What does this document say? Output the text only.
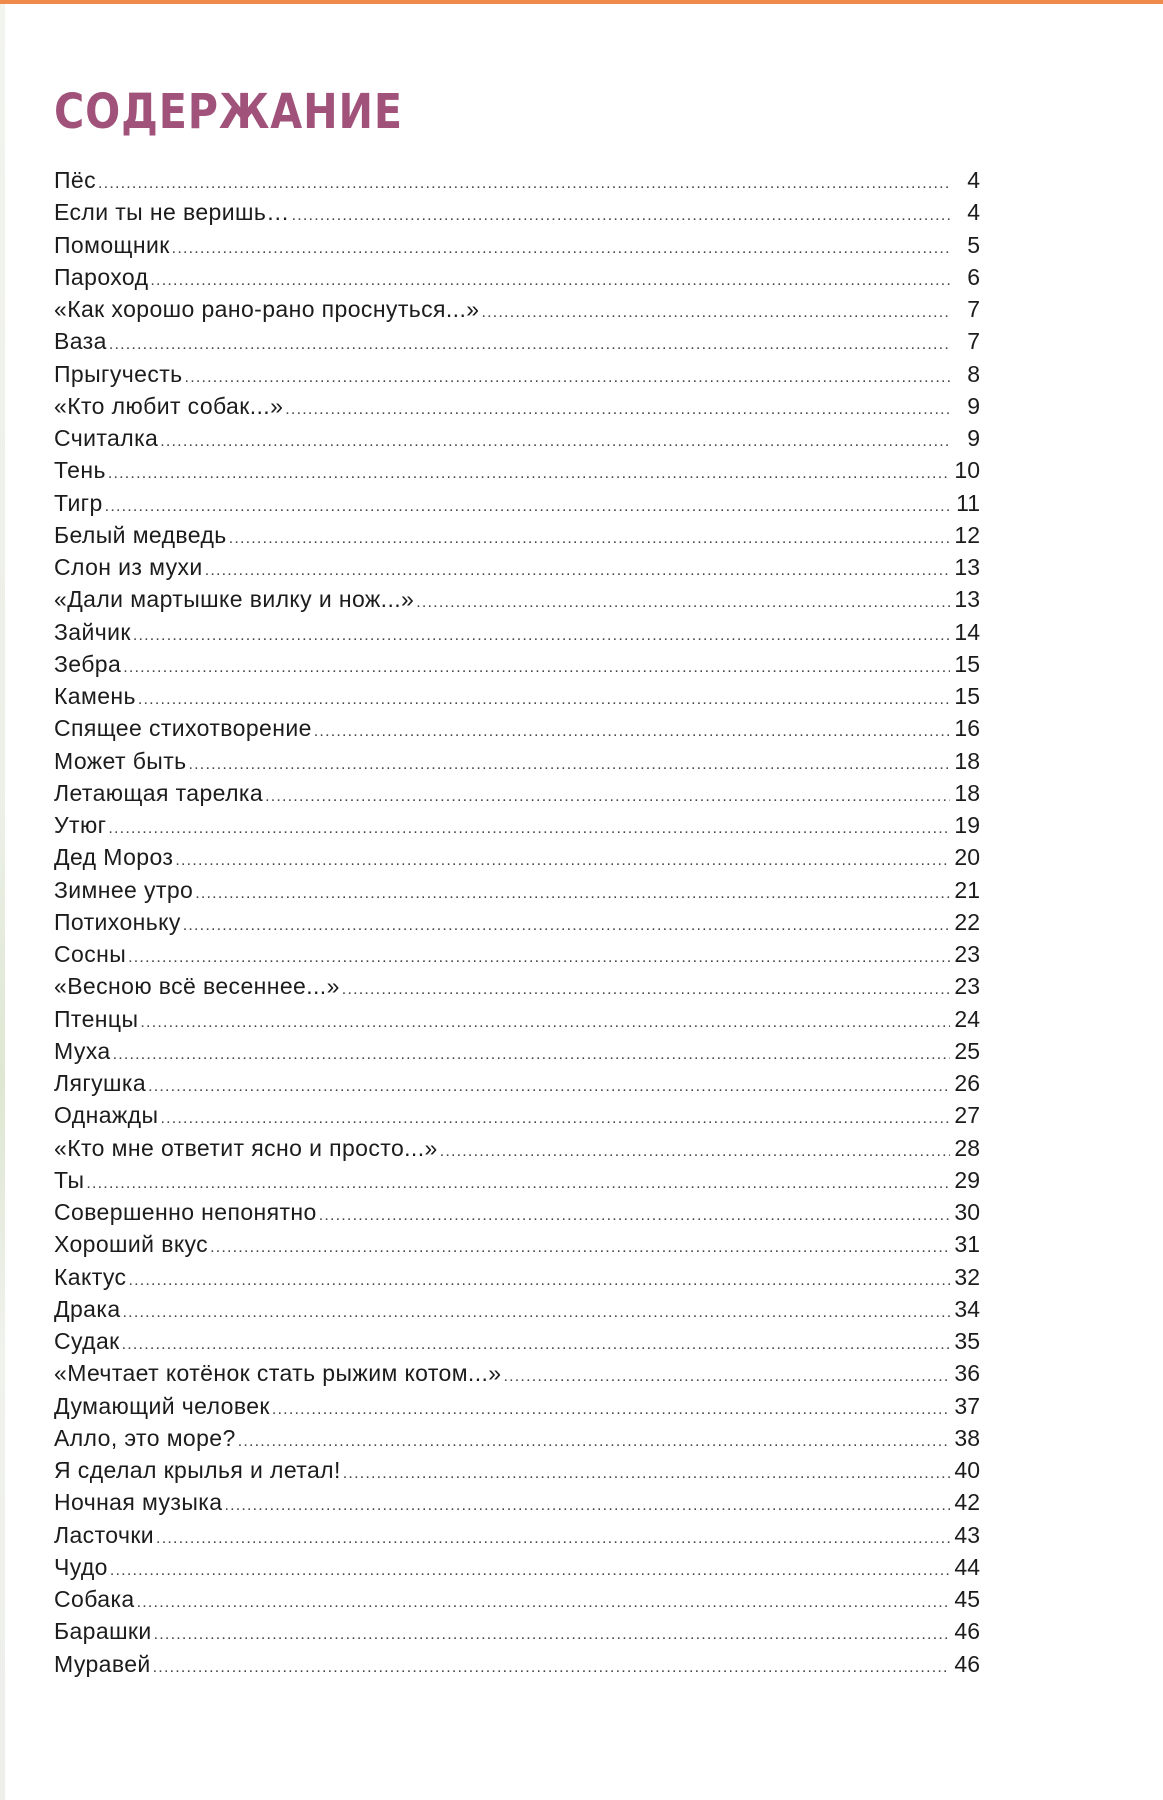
СОДЕРЖАНИЕ
Пёс .....	4
Если ты не веришь… .....	4
Помощник .....	5
Пароход .....	6
«Как хорошо рано-рано проснуться...» .....	7
Ваза .....	7
Прыгучесть .....	8
«Кто любит собак...» .....	9
Считалка .....	9
Тень .....	10
Тигр .....	11
Белый медведь .....	12
Слон из мухи .....	13
«Дали мартышке вилку и нож...» .....	13
Зайчик .....	14
Зебра .....	15
Камень .....	15
Спящее стихотворение .....	16
Может быть .....	18
Летающая тарелка .....	18
Утюг .....	19
Дед Мороз .....	20
Зимнее утро .....	21
Потихоньку .....	22
Сосны .....	23
«Весною всё весеннее...» .....	23
Птенцы .....	24
Муха .....	25
Лягушка .....	26
Однажды .....	27
«Кто мне ответит ясно и просто...» .....	28
Ты .....	29
Совершенно непонятно .....	30
Хороший вкус .....	31
Кактус .....	32
Драка .....	34
Судак .....	35
«Мечтает котёнок стать рыжим котом...» .....	36
Думающий человек .....	37
Алло, это море? .....	38
Я сделал крылья и летал! .....	40
Ночная музыка .....	42
Ласточки .....	43
Чудо .....	44
Собака .....	45
Барашки .....	46
Муравей .....	46
